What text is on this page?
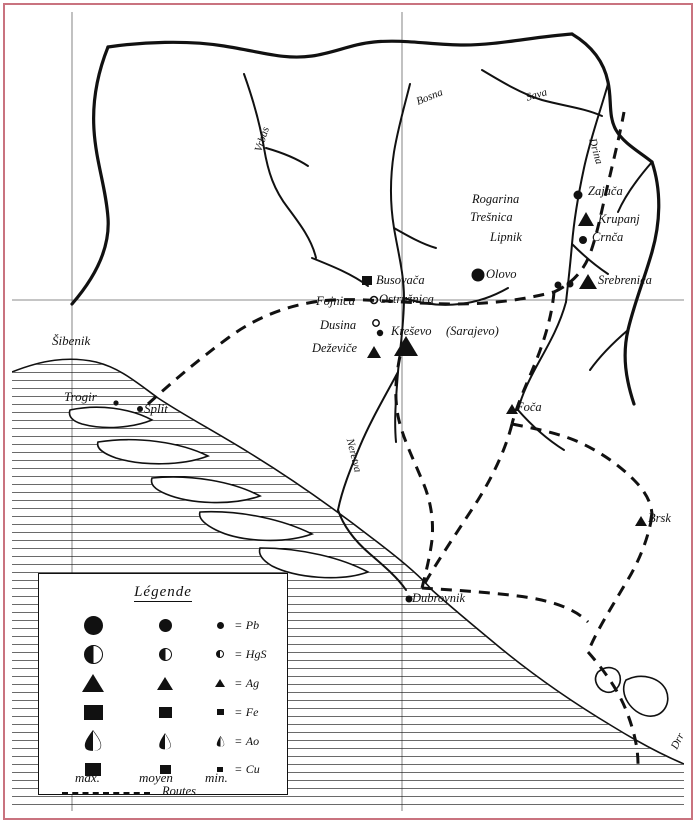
Rogarina
Zajača
Trešnica	Krupanj
Lipnik	Crnča
Srebrenica
Olovo
Busovača
Fojnica Ostružnica
Dusina	Kreševo (Sarajevo)
Deževiče
Foča
Brsk
Dubrovnik
Split
Trogir
Šibenik
Vrbas
Bosna	Sava
Drina
Neretva
Drr
Légende
= Pb
= HgS
= Ag
= Fe
= Ao
= Cu
max.	moyen min.
Routes
